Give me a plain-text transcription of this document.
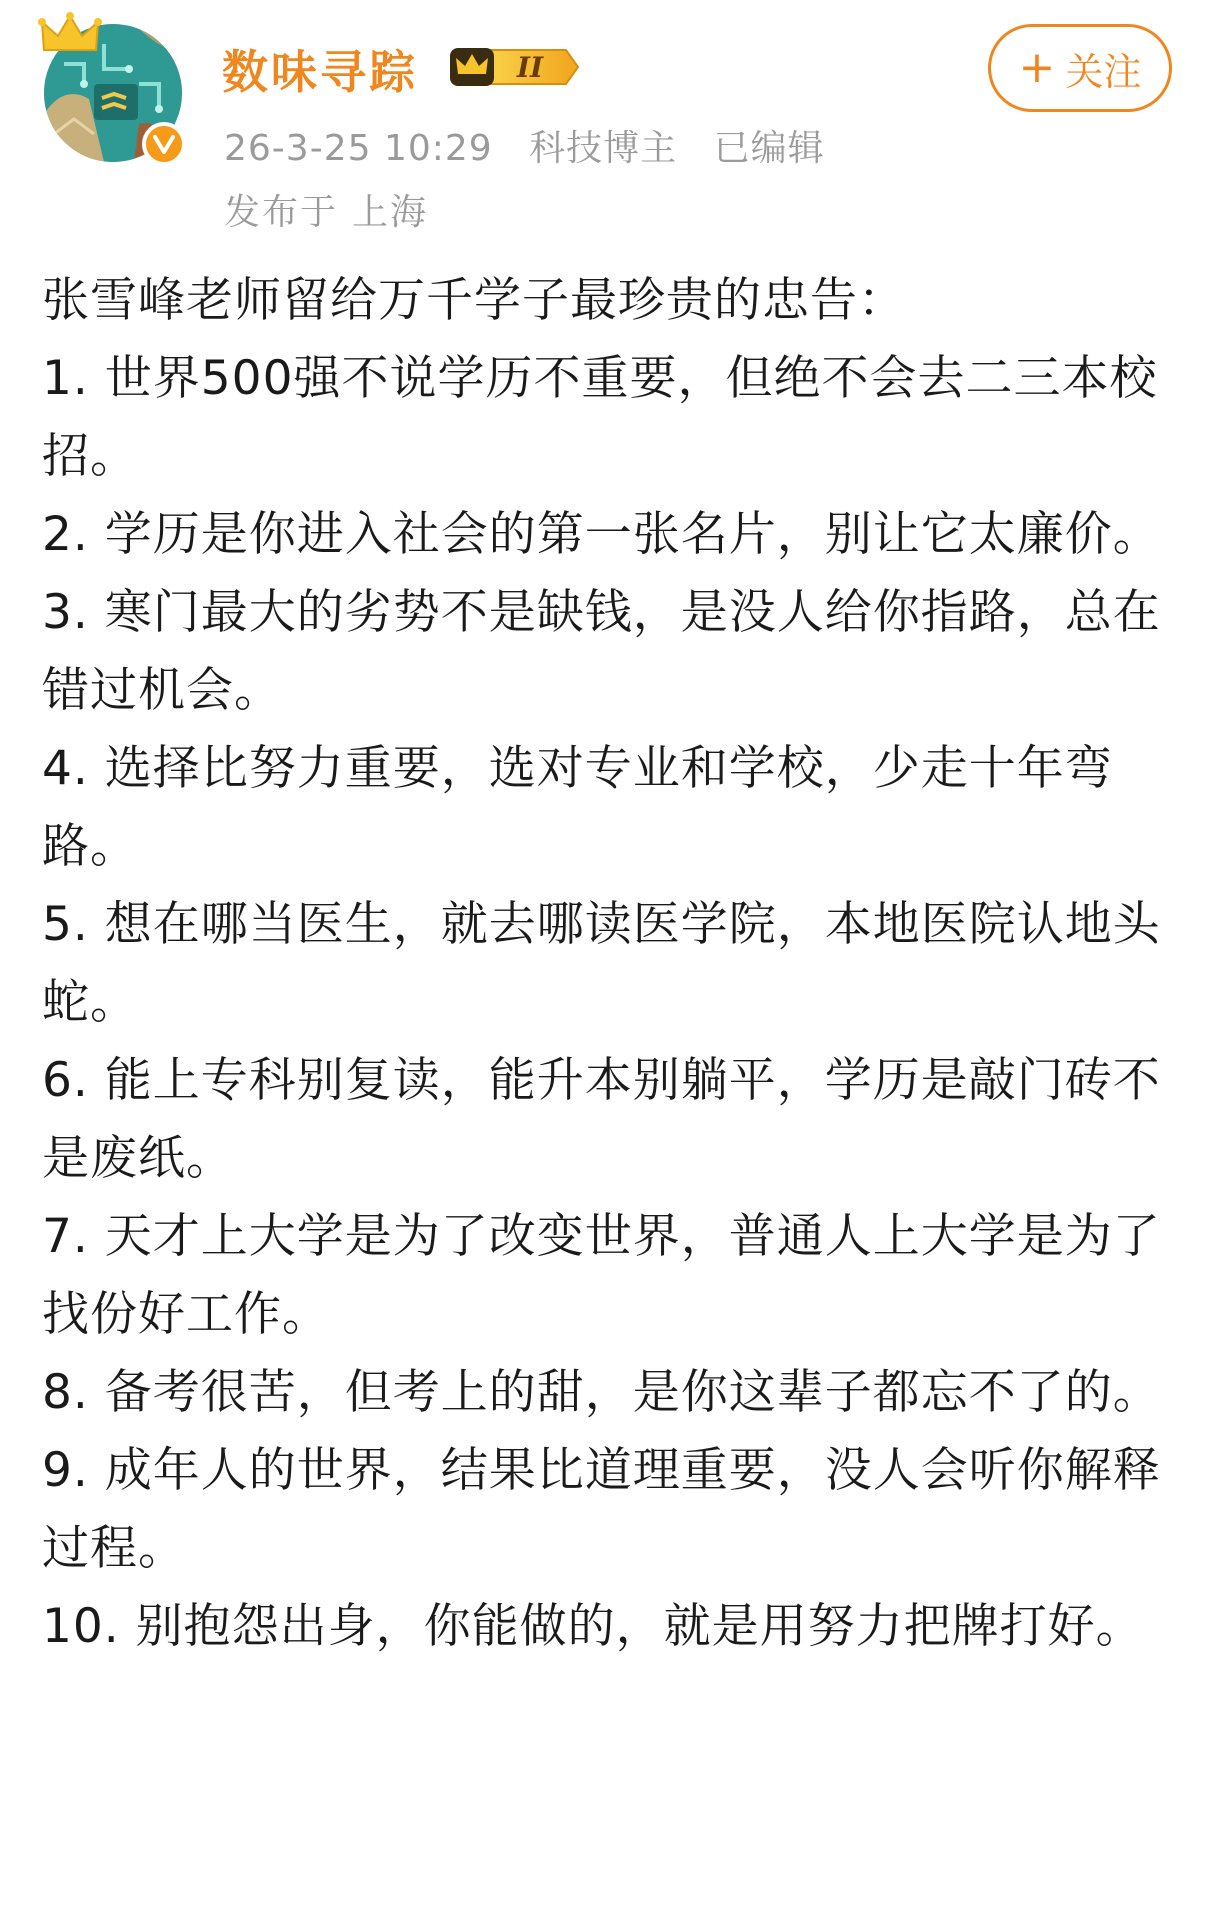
数味寻踪	II
26-3-25 10:29 科技博主 已编辑
发布于 上海
+ 关注

张雪峰老师留给万千学子最珍贵的忠告：

1. 世界500强不说学历不重要，但绝不会去二三本校招。

2. 学历是你进入社会的第一张名片，别让它太廉价。

3. 寒门最大的劣势不是缺钱，是没人给你指路，总在错过机会。

4. 选择比努力重要，选对专业和学校，少走十年弯路。

5. 想在哪当医生，就去哪读医学院，本地医院认地头蛇。

6. 能上专科别复读，能升本别躺平，学历是敲门砖不是废纸。

7. 天才上大学是为了改变世界，普通人上大学是为了找份好工作。

8. 备考很苦，但考上的甜，是你这辈子都忘不了的。

9. 成年人的世界，结果比道理重要，没人会听你解释过程。

10. 别抱怨出身，你能做的，就是用努力把牌打好。
